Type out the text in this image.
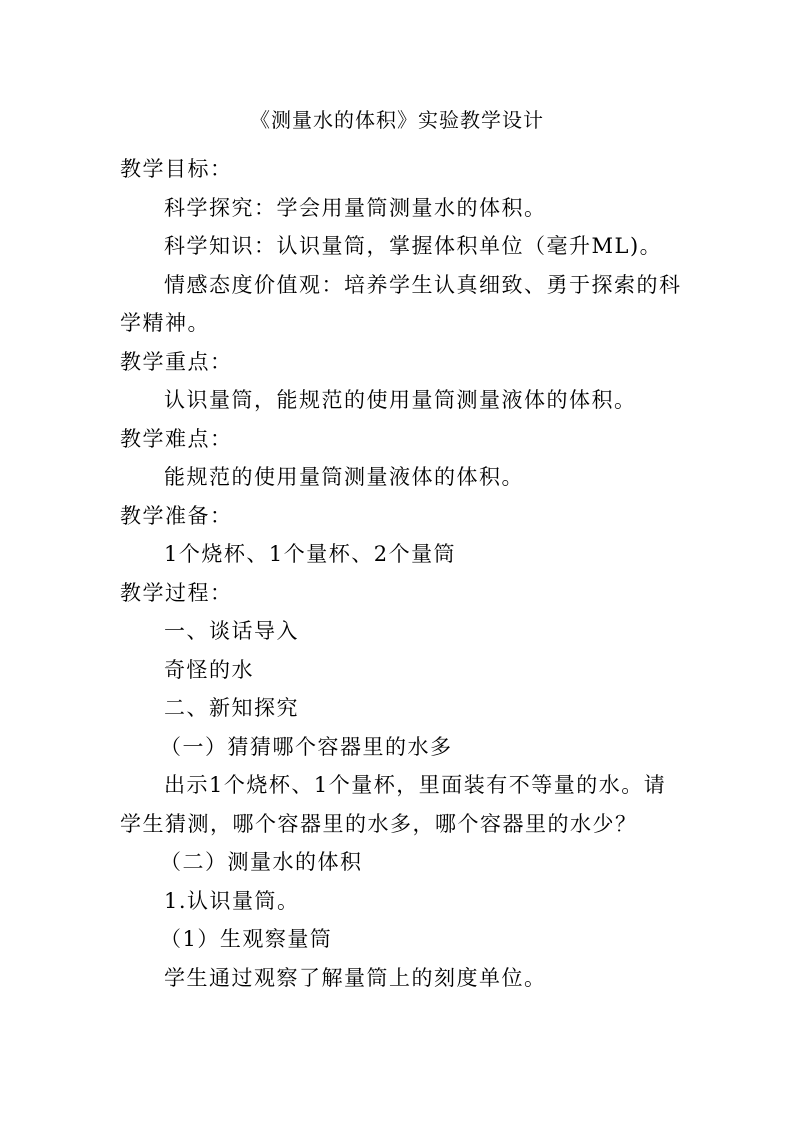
《测量水的体积》实验教学设计
教学目标：
科学探究：学会用量筒测量水的体积。
科学知识：认识量筒，掌握体积单位（毫升ML)。
情感态度价值观：培养学生认真细致、勇于探索的科
学精神。
教学重点：
认识量筒，能规范的使用量筒测量液体的体积。
教学难点：
能规范的使用量筒测量液体的体积。
教学准备：
1个烧杯、1个量杯、2个量筒
教学过程：
一、谈话导入
奇怪的水
二、新知探究
（一）猜猜哪个容器里的水多
出示1个烧杯、1个量杯，里面装有不等量的水。请
学生猜测，哪个容器里的水多，哪个容器里的水少？
（二）测量水的体积
1.认识量筒。
（1）生观察量筒
学生通过观察了解量筒上的刻度单位。
